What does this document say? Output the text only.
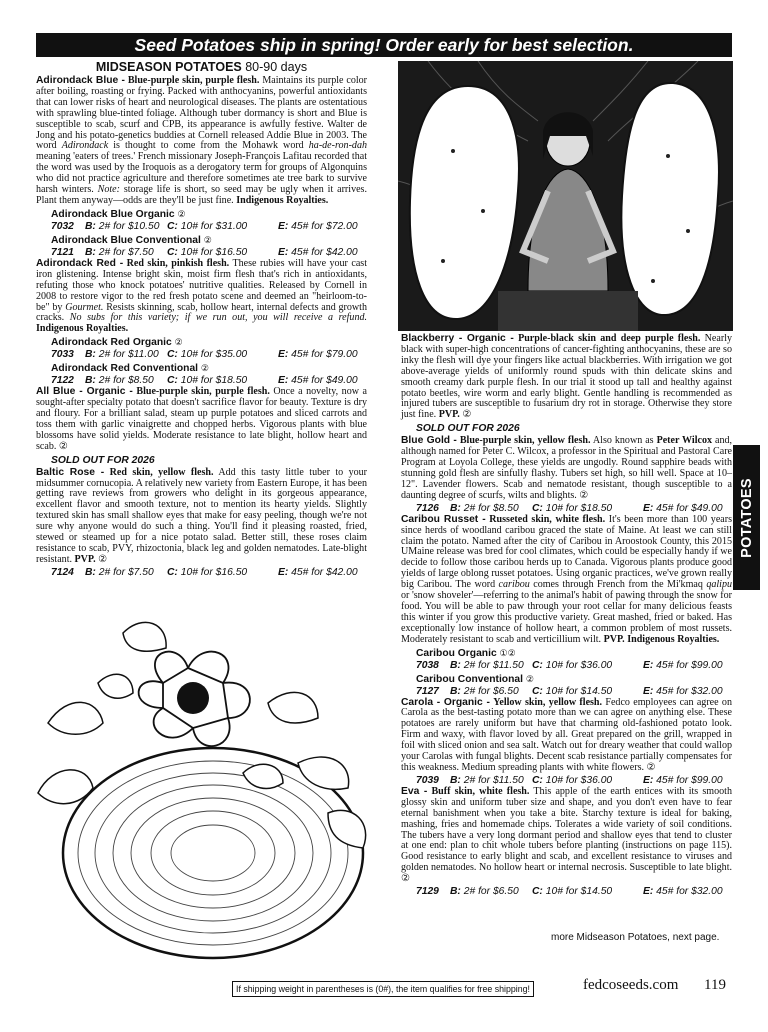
Seed Potatoes ship in spring! Order early for best selection.
MIDSEASON POTATOES 80-90 days
Adirondack Blue - Blue-purple skin, purple flesh. Maintains its purple color after boiling, roasting or frying. Packed with anthocyanins, powerful antioxidants that can lower risks of heart and neurological diseases. The plants are ostentatious with sprawling blue-tinted foliage. Although tuber dormancy is short and Blue is susceptible to scab, scurf and CPB, its appearance is awfully festive. Walter de Jong and his potato-genetics buddies at Cornell released Addie Blue in 2003. The word Adirondack is thought to come from the Mohawk word ha-de-ron-dah meaning 'eaters of trees.' French missionary Joseph-François Lafitau recorded that the word was used by the Iroquois as a derogatory term for groups of Algonquins who did not practice agriculture and therefore sometimes ate tree bark to survive harsh winters. Note: storage life is short, so seed may be ugly when it arrives. Plant them anyway—odds are they'll be just fine. Indigenous Royalties.
Adirondack Blue Organic ②
7032	B: 2# for $10.50 C: 10# for $31.00	E: 45# for $72.00
Adirondack Blue Conventional ②
7121	B: 2# for $7.50	C: 10# for $16.50	E: 45# for $42.00
Adirondack Red - Red skin, pinkish flesh. These rubies will have your cast iron glistening. Intense bright skin, moist firm flesh that's rich in antioxidants, refuting those who knock potatoes' nutritive qualities. Released by Cornell in 2008 to restore vigor to the red fresh potato scene and deemed an "heirloom-to-be" by Gourmet. Resists skinning, scab, hollow heart, internal defects and growth cracks. No subs for this variety; if we run out, you will receive a refund. Indigenous Royalties.
Adirondack Red Organic ②
7033	B: 2# for $11.00 C: 10# for $35.00	E: 45# for $79.00
Adirondack Red Conventional ②
7122	B: 2# for $8.50	C: 10# for $18.50	E: 45# for $49.00
All Blue - Organic - Blue-purple skin, purple flesh. Once a novelty, now a sought-after specialty potato that doesn't sacrifice flavor for beauty. Texture is dry and floury. For a brilliant salad, steam up purple potatoes and sliced carrots and toss them with garlic vinaigrette and chopped herbs. Vigorous plants with blue blossoms have solid yields. Moderate resistance to late blight, hollow heart and scab. ②
SOLD OUT FOR 2026
Baltic Rose - Red skin, yellow flesh. Add this tasty little tuber to your midsummer cornucopia. A relatively new variety from Eastern Europe, it has been getting rave reviews from growers who delight in its gorgeous appearance, excellent flavor and smooth texture, not to mention its hearty yields. Slightly textured skin has small shallow eyes that make for easy peeling, though we're not sure why anyone would do such a thing. You'll find it pleasing roasted, fried, stewed or steamed up for a nice potato salad. Better still, these roses claim resistance to scab, PVY, rhizoctonia, black leg and golden nematodes. Late-blight resistant. PVP. ②
7124	B: 2# for $7.50	C: 10# for $16.50	E: 45# for $42.00
Blackberry - Organic - Purple-black skin and deep purple flesh. Nearly black with super-high concentrations of cancer-fighting anthocyanins, these are so inky the flesh will dye your fingers like actual blackberries. With irrigation we got above-average yields of uniformly round spuds with thin delicate skins and smooth creamy dark purple flesh. In our trial it stood up tall and healthy against potato beetles, wire worm and early blight. Gentle handling is recommended as injured tubers are susceptible to fusarium dry rot in storage. Otherwise they store just fine. PVP. ②
SOLD OUT FOR 2026
Blue Gold - Blue-purple skin, yellow flesh. Also known as Peter Wilcox and, although named for Peter C. Wilcox, a professor in the Spiritual and Pastoral Care Program at Loyola College, these yields are ungodly. Round sapphire beads with stunning gold flesh are sinfully flashy. Tubers set high, so hill well. Space at 10–12". Lavender flowers. Scab and nematode resistant, though susceptible to a daunting degree of scurfs, wilts and blights. ②
7126	B: 2# for $8.50	C: 10# for $18.50	E: 45# for $49.00
Caribou Russet - Russeted skin, white flesh. It's been more than 100 years since herds of woodland caribou graced the state of Maine. At least we can still claim the potato. Named after the city of Caribou in Aroostook County, this 2015 UMaine release was bred for cool climates, which could be especially handy if we decide to follow those caribou herds up to Canada. Vigorous plants produce good yields of large oblong russet potatoes. Using organic practices, we've grown really big Caribou. The word caribou comes through French from the Mi'kmaq qalipu or 'snow shoveler'—referring to the animal's habit of pawing through the snow for food. You will be able to paw through your root cellar for many delicious feasts this winter if you grow this productive variety. Great mashed, fried or baked. Has exceptionally low instance of hollow heart, a common problem of most russets. Moderately resistant to scab and verticillium wilt. PVP. Indigenous Royalties.
Caribou Organic ①②
7038	B: 2# for $11.50 C: 10# for $36.00	E: 45# for $99.00
Caribou Conventional ②
7127	B: 2# for $6.50	C: 10# for $14.50	E: 45# for $32.00
Carola - Organic - Yellow skin, yellow flesh. Fedco employees can agree on Carola as the best-tasting potato more than we can agree on anything else. These potatoes are rarely uniform but have that charming old-fashioned potato look. Firm and waxy, with flavor loved by all. Great prepared on the grill, wrapped in foil with sliced onion and sea salt. Watch out for dreary weather that could wallop your Carolas with fungal blights. Decent scab resistance partially compensates for this weakness. Medium spreading plants with white flowers. ②
7039	B: 2# for $11.50 C: 10# for $36.00	E: 45# for $99.00
Eva - Buff skin, white flesh. This apple of the earth entices with its smooth glossy skin and uniform tuber size and shape, and you don't even have to fear eternal banishment when you take a bite. Starchy texture is ideal for baking, mashing, fries and homemade chips. Tolerates a wide variety of soil conditions. The tubers have a very long dormant period and shallow eyes that tend to cluster at one end: plan to chit whole tubers before planting (instructions on page 115). Good resistance to early blight and scab, and excellent resistance to viruses and golden nematodes. No hollow heart or internal necrosis. Susceptible to late blight. ②
7129	B: 2# for $6.50	C: 10# for $14.50	E: 45# for $32.00
more Midseason Potatoes, next page.
POTATOES
If shipping weight in parentheses is (0#), the item qualifies for free shipping!	fedcoseeds.com 119
